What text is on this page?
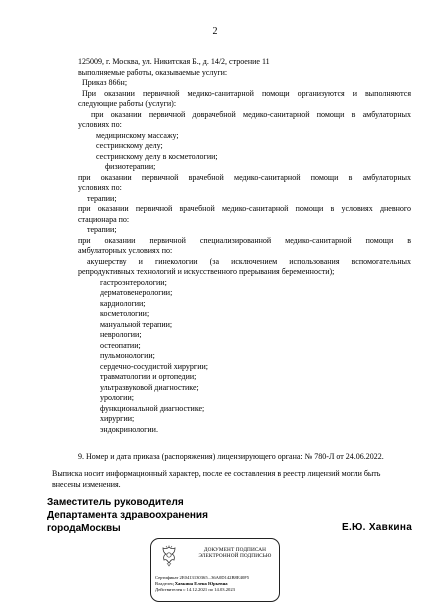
2

125009, г. Москва, ул. Никитская Б., д. 14/2, строение 11

выполняемые работы, оказываемые услуги:

Приказ 866н;

При оказании первичной медико-санитарной помощи организуются и выполняются

следующие работы (услуги):

при оказании первичной доврачебной медико-санитарной помощи в амбулаторных

условиях по:

медицинскому массажу;

сестринскому делу;

сестринскому делу в косметологии;

физиотерапии;

при оказании первичной врачебной медико-санитарной помощи в амбулаторных

условиях по:

терапии;

при оказании первичной врачебной медико-санитарной помощи в условиях дневного

стационара по:

терапии;

при оказании первичной специализированной медико-санитарной помощи в

амбулаторных условиях по:

акушерству и гинекологии (за исключением использования вспомогательных

репродуктивных технологий и искусственного прерывания беременности);

гастроэнтерологии;

дерматовенерологии;

кардиологии;

косметологии;

мануальной терапии;

неврологии;

остеопатии;

пульмонологии;

сердечно-сосудистой хирургии;

травматологии и ортопедии;

ультразвуковой диагностике;

урологии;

функциональной диагностике;

хирургии;

эндокринологии.

9. Номер и дата приказа (распоряжения) лицензирующего органа: № 780-Л от 24.06.2022.

Выписка носит информационный характер, после ее составления в реестр лицензий могли быть

внесены изменения.

Заместитель руководителя
Департамента здравоохранения
городаМосквы	Е.Ю. Хавкина
ДОКУМЕНТ ПОДПИСАН
ЭЛЕКТРОННОЙ ПОДПИСЬЮ
Сертификат 2E0413130365...36A0D142B8E40F5
Владелец Хавкина Елена Юрьевна
Действителен с 14.12.2021 по 14.03.2023
